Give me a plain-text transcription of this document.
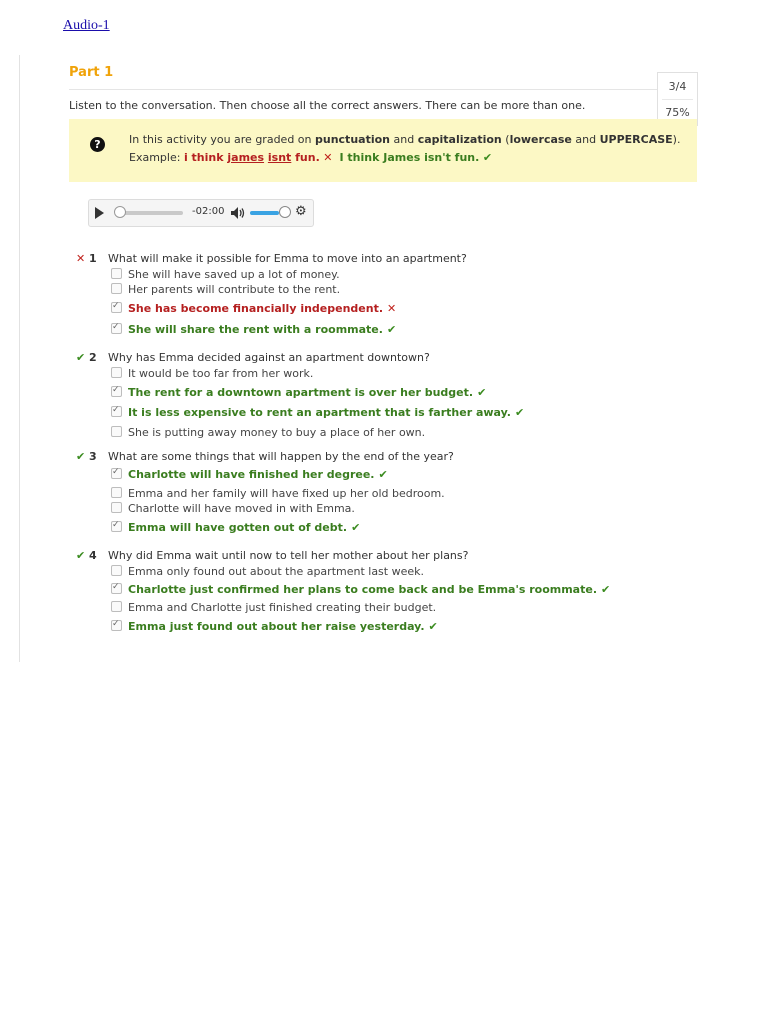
Audio-1
Part 1
3/4
75%
Listen to the conversation. Then choose all the correct answers. There can be more than one.
?	In this activity you are graded on punctuation and capitalization (lowercase and UPPERCASE).
Example: i think james isnt fun. ✕ I think James isn't fun. ✔
-02:00	⚙
✕ 1 What will make it possible for Emma to move into an apartment?
She will have saved up a lot of money.
Her parents will contribute to the rent.
✓She has become financially independent. ✕
✓She will share the rent with a roommate. ✔
✔ 2 Why has Emma decided against an apartment downtown?
It would be too far from her work.
✓The rent for a downtown apartment is over her budget. ✔
✓It is less expensive to rent an apartment that is farther away. ✔
She is putting away money to buy a place of her own.
✔ 3 What are some things that will happen by the end of the year?
✓Charlotte will have finished her degree. ✔
Emma and her family will have fixed up her old bedroom.
Charlotte will have moved in with Emma.
✓Emma will have gotten out of debt. ✔
✔ 4 Why did Emma wait until now to tell her mother about her plans?
Emma only found out about the apartment last week.
✓Charlotte just confirmed her plans to come back and be Emma's roommate. ✔
Emma and Charlotte just finished creating their budget.
✓Emma just found out about her raise yesterday. ✔
